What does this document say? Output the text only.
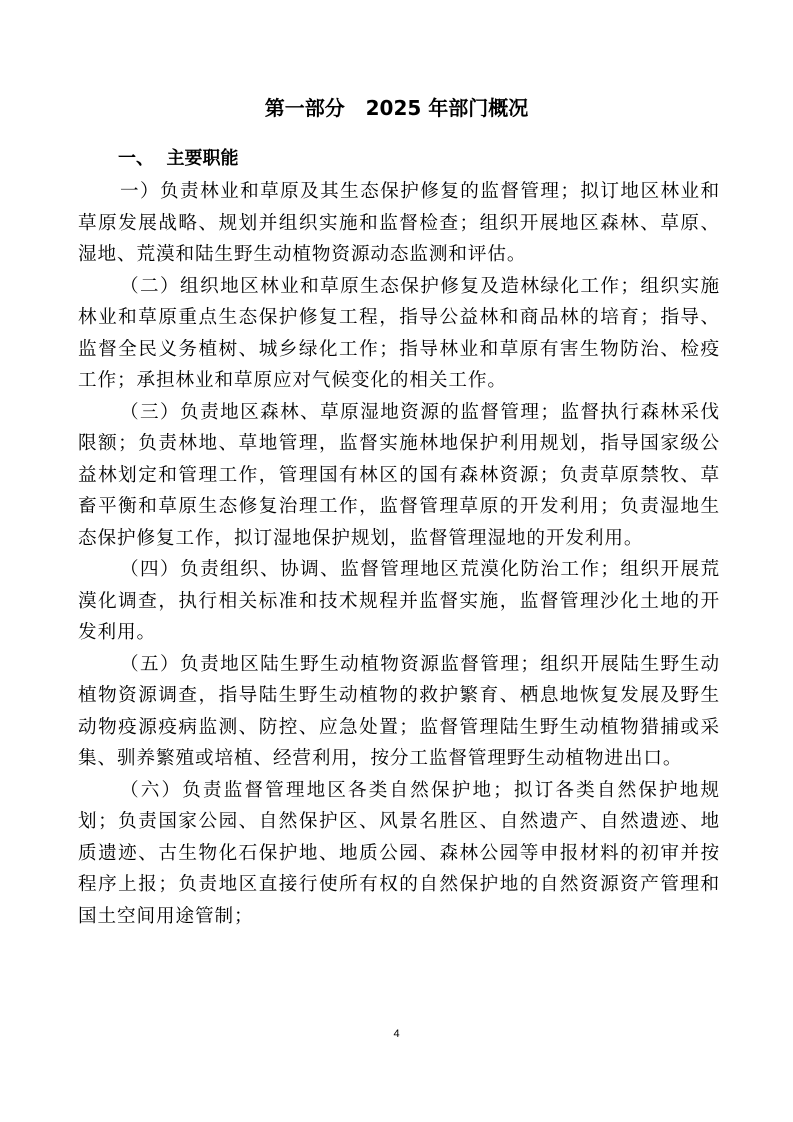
第一部分   2025 年部门概况
一、  主要职能

一）负责林业和草原及其生态保护修复的监督管理；拟订地区林业和草原发展战略、规划并组织实施和监督检查；组织开展地区森林、草原、湿地、荒漠和陆生野生动植物资源动态监测和评估。

（二）组织地区林业和草原生态保护修复及造林绿化工作；组织实施林业和草原重点生态保护修复工程，指导公益林和商品林的培育；指导、监督全民义务植树、城乡绿化工作；指导林业和草原有害生物防治、检疫工作；承担林业和草原应对气候变化的相关工作。

（三）负责地区森林、草原湿地资源的监督管理；监督执行森林采伐限额；负责林地、草地管理，监督实施林地保护利用规划，指导国家级公益林划定和管理工作，管理国有林区的国有森林资源；负责草原禁牧、草畜平衡和草原生态修复治理工作，监督管理草原的开发利用；负责湿地生态保护修复工作，拟订湿地保护规划，监督管理湿地的开发利用。

（四）负责组织、协调、监督管理地区荒漠化防治工作；组织开展荒漠化调查，执行相关标准和技术规程并监督实施，监督管理沙化土地的开发利用。

（五）负责地区陆生野生动植物资源监督管理；组织开展陆生野生动植物资源调查，指导陆生野生动植物的救护繁育、栖息地恢复发展及野生动物疫源疫病监测、防控、应急处置；监督管理陆生野生动植物猎捕或采集、驯养繁殖或培植、经营利用，按分工监督管理野生动植物进出口。

（六）负责监督管理地区各类自然保护地；拟订各类自然保护地规划；负责国家公园、自然保护区、风景名胜区、自然遗产、自然遗迹、地质遗迹、古生物化石保护地、地质公园、森林公园等申报材料的初审并按程序上报；负责地区直接行使所有权的自然保护地的自然资源资产管理和国土空间用途管制；

4
